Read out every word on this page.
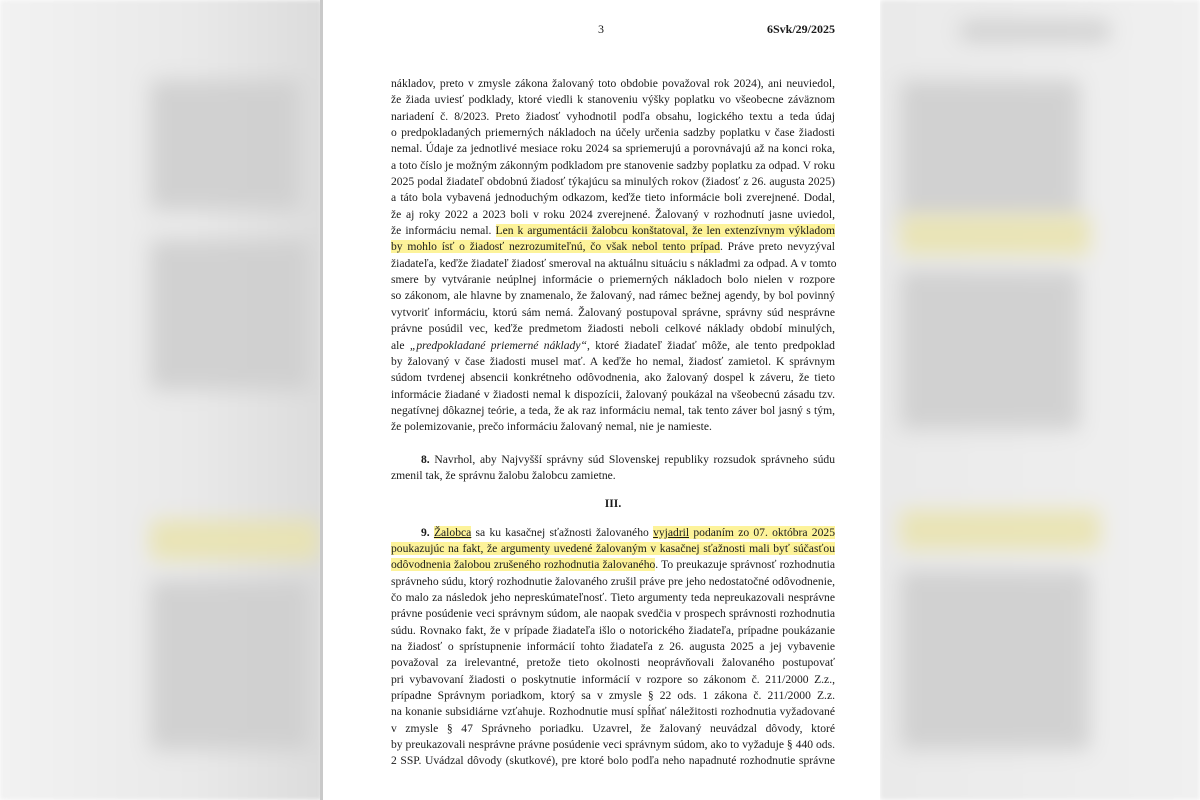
3	6Svk/29/2025
nákladov, preto v zmysle zákona žalovaný toto obdobie považoval rok 2024), ani neuviedol,
že žiada uviesť podklady, ktoré viedli k stanoveniu výšky poplatku vo všeobecne záväznom
nariadení č. 8/2023. Preto žiadosť vyhodnotil podľa obsahu, logického textu a teda údaj
o predpokladaných priemerných nákladoch na účely určenia sadzby poplatku v čase žiadosti
nemal. Údaje za jednotlivé mesiace roku 2024 sa spriemerujú a porovnávajú až na konci roka,
a toto číslo je možným zákonným podkladom pre stanovenie sadzby poplatku za odpad. V roku
2025 podal žiadateľ obdobnú žiadosť týkajúcu sa minulých rokov (žiadosť z 26. augusta 2025)
a táto bola vybavená jednoduchým odkazom, keďže tieto informácie boli zverejnené. Dodal,
že aj roky 2022 a 2023 boli v roku 2024 zverejnené. Žalovaný v rozhodnutí jasne uviedol,
že informáciu nemal. Len k argumentácii žalobcu konštatoval, že len extenzívnym výkladom
by mohlo ísť o žiadosť nezrozumiteľnú, čo však nebol tento prípad. Práve preto nevyzýval
žiadateľa, keďže žiadateľ žiadosť smeroval na aktuálnu situáciu s nákladmi za odpad. A v tomto
smere by vytváranie neúplnej informácie o priemerných nákladoch bolo nielen v rozpore
so zákonom, ale hlavne by znamenalo, že žalovaný, nad rámec bežnej agendy, by bol povinný
vytvoriť informáciu, ktorú sám nemá. Žalovaný postupoval správne, správny súd nesprávne
právne posúdil vec, keďže predmetom žiadosti neboli celkové náklady období minulých,
ale „predpokladané priemerné náklady“, ktoré žiadateľ žiadať môže, ale tento predpoklad
by žalovaný v čase žiadosti musel mať. A keďže ho nemal, žiadosť zamietol. K správnym
súdom tvrdenej absencii konkrétneho odôvodnenia, ako žalovaný dospel k záveru, že tieto
informácie žiadané v žiadosti nemal k dispozícii, žalovaný poukázal na všeobecnú zásadu tzv.
negatívnej dôkaznej teórie, a teda, že ak raz informáciu nemal, tak tento záver bol jasný s tým,
že polemizovanie, prečo informáciu žalovaný nemal, nie je namieste.
8. Navrhol, aby Najvyšší správny súd Slovenskej republiky rozsudok správneho súdu
zmenil tak, že správnu žalobu žalobcu zamietne.
III.
9. Žalobca sa ku kasačnej sťažnosti žalovaného vyjadril podaním zo 07. októbra 2025
poukazujúc na fakt, že argumenty uvedené žalovaným v kasačnej sťažnosti mali byť súčasťou
odôvodnenia žalobou zrušeného rozhodnutia žalovaného. To preukazuje správnosť rozhodnutia
správneho súdu, ktorý rozhodnutie žalovaného zrušil práve pre jeho nedostatočné odôvodnenie,
čo malo za následok jeho nepreskúmateľnosť. Tieto argumenty teda nepreukazovali nesprávne
právne posúdenie veci správnym súdom, ale naopak svedčia v prospech správnosti rozhodnutia
súdu. Rovnako fakt, že v prípade žiadateľa išlo o notorického žiadateľa, prípadne poukázanie
na žiadosť o sprístupnenie informácií tohto žiadateľa z 26. augusta 2025 a jej vybavenie
považoval za irelevantné, pretože tieto okolnosti neoprávňovali žalovaného postupovať
pri vybavovaní žiadosti o poskytnutie informácií v rozpore so zákonom č. 211/2000 Z.z.,
prípadne Správnym poriadkom, ktorý sa v zmysle § 22 ods. 1 zákona č. 211/2000 Z.z.
na konanie subsidiárne vzťahuje. Rozhodnutie musí spĺňať náležitosti rozhodnutia vyžadované
v zmysle § 47 Správneho poriadku. Uzavrel, že žalovaný neuvádzal dôvody, ktoré
by preukazovali nesprávne právne posúdenie veci správnym súdom, ako to vyžaduje § 440 ods.
2 SSP. Uvádzal dôvody (skutkové), pre ktoré bolo podľa neho napadnuté rozhodnutie správne
